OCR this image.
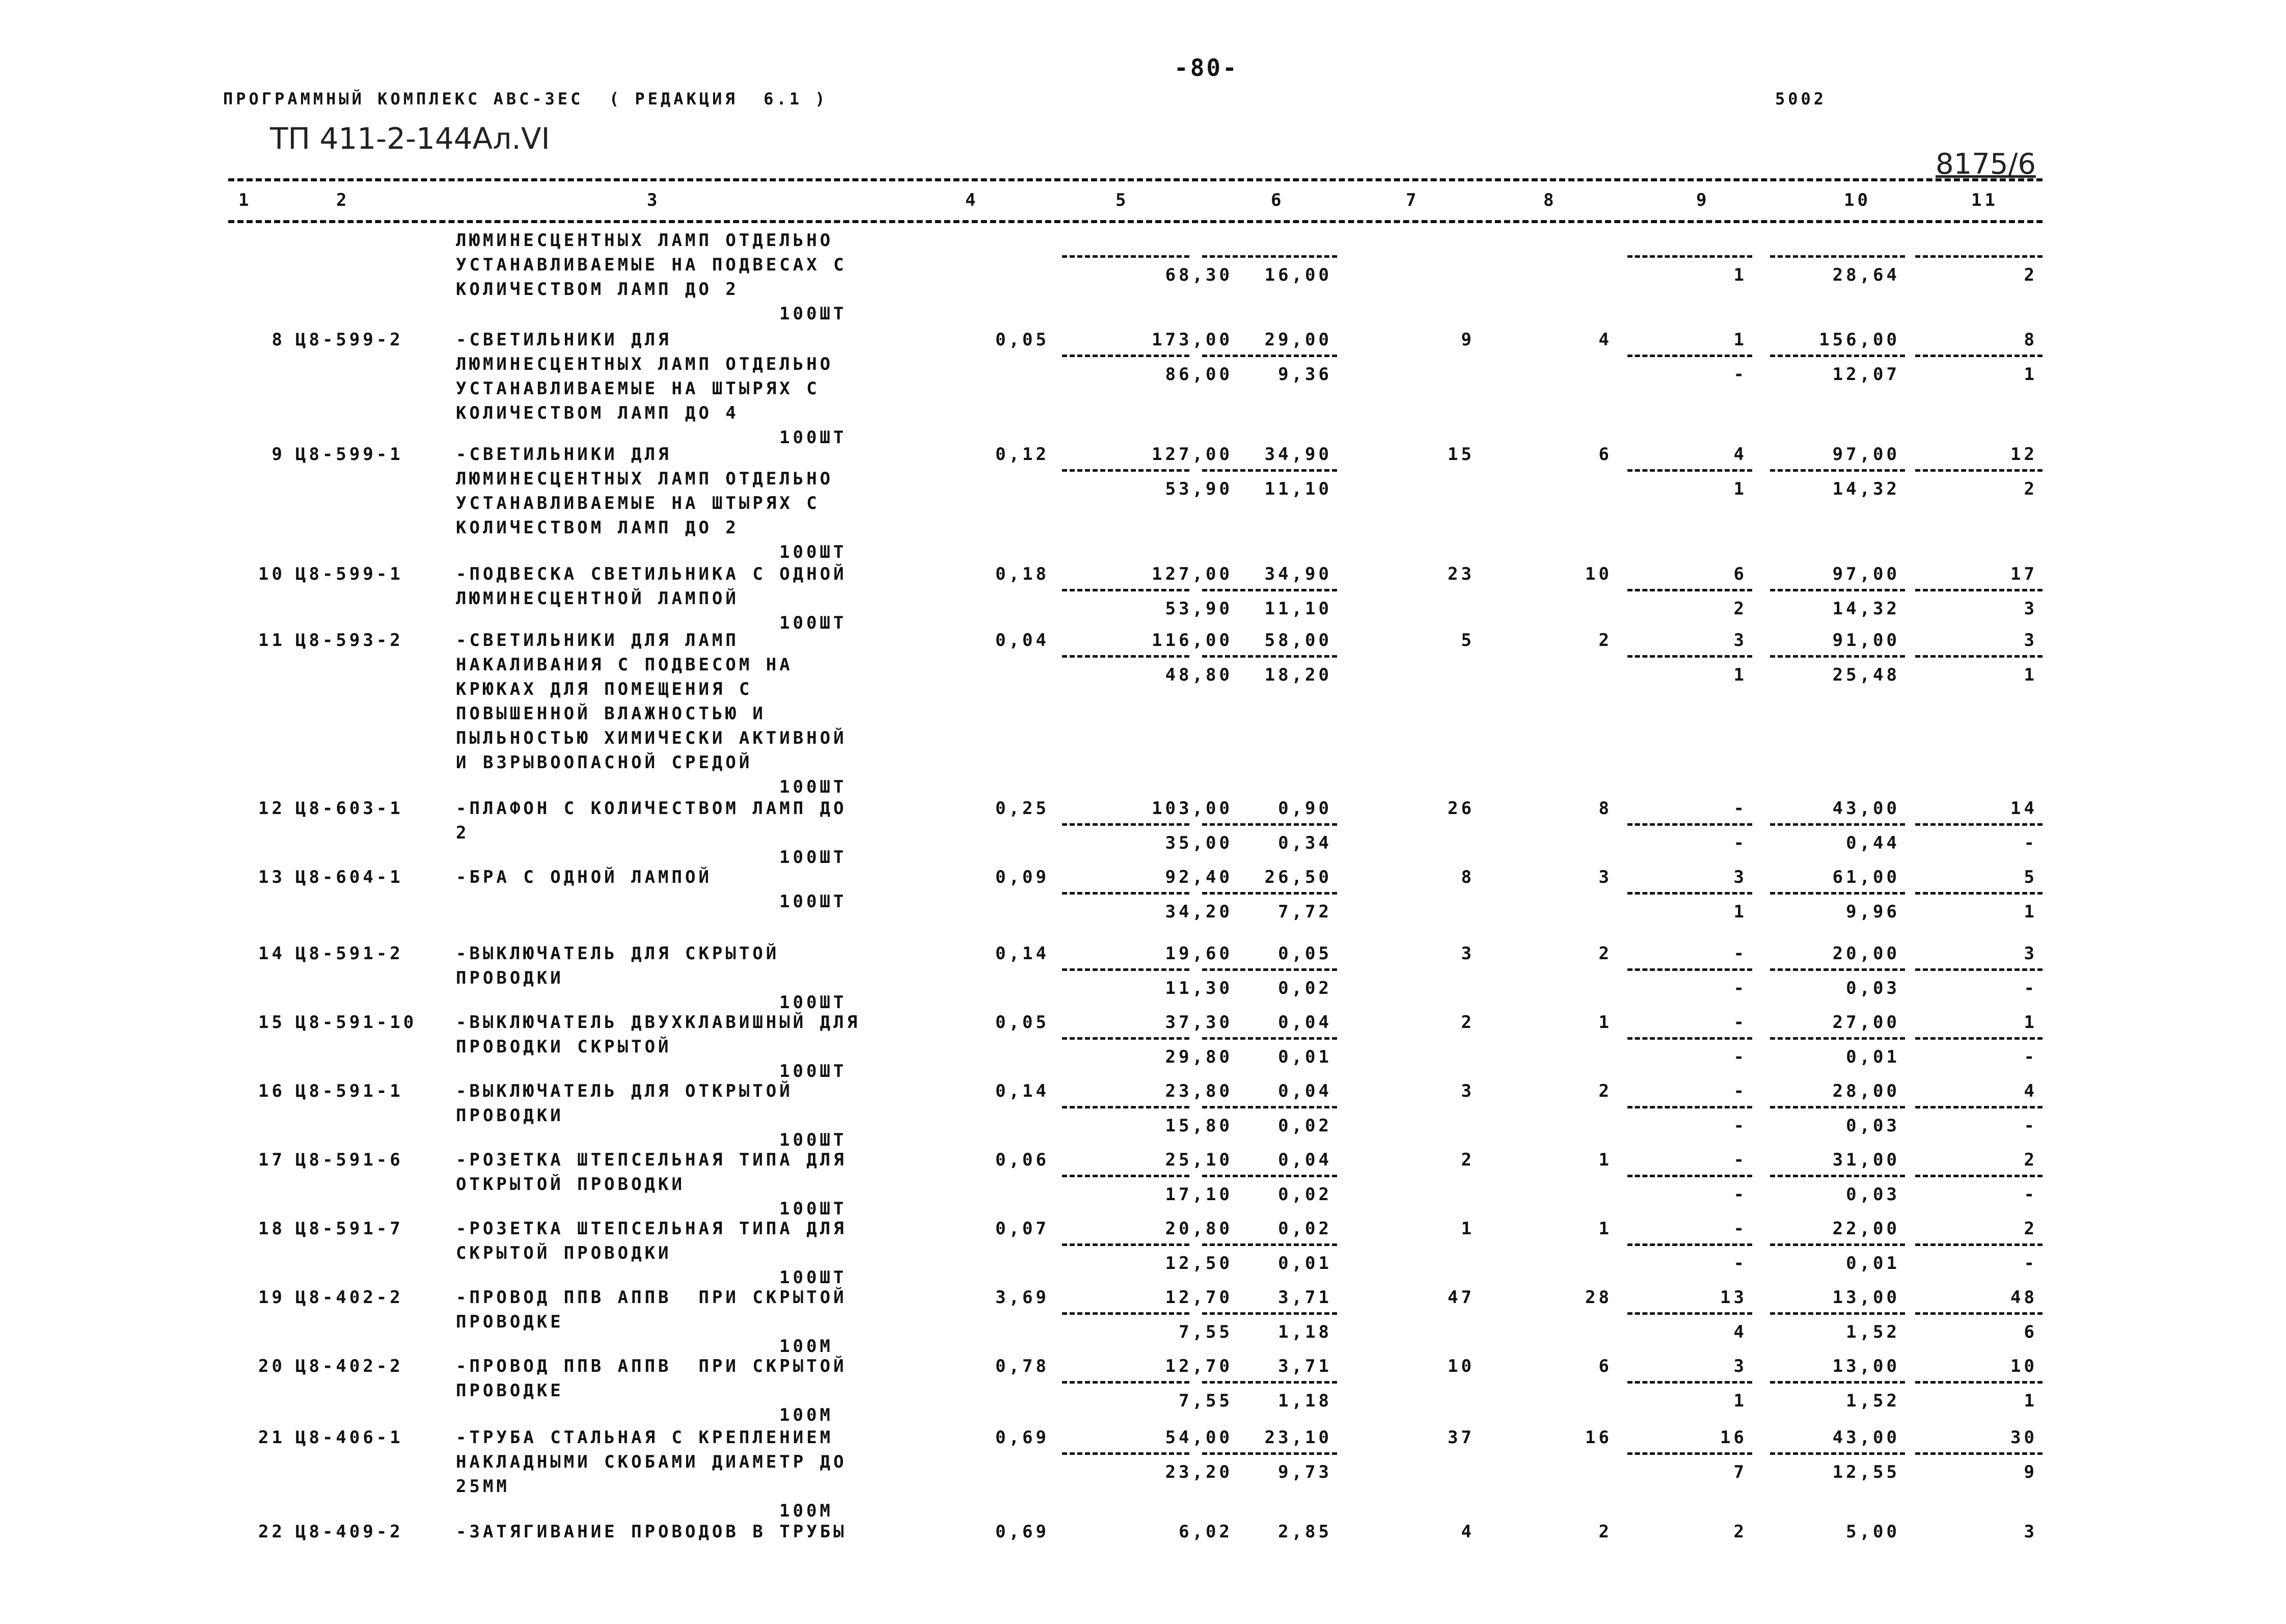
-80-
ПРОГРАММНЫЙ КОМПЛЕКС АВС-3ЕС  ( РЕДАКЦИЯ  6.1 )	5002
ТП 411-2-144Ал.VI
8175/6
1	2	3	4	5	6	7	8	9	10	11
ЛЮМИНЕСЦЕНТНЫХ ЛАМП ОТДЕЛЬНО
УСТАНАВЛИВАЕМЫЕ НА ПОДВЕСАХ С
КОЛИЧЕСТВОМ ЛАМП ДО 2
100ШТ
68,30	16,00	1	28,64	2
8 Ц8-599-2	-СВЕТИЛЬНИКИ ДЛЯ
ЛЮМИНЕСЦЕНТНЫХ ЛАМП ОТДЕЛЬНО
УСТАНАВЛИВАЕМЫЕ НА ШТЫРЯХ С
КОЛИЧЕСТВОМ ЛАМП ДО 4
100ШТ
0,05	173,00	29,00	9	4	1	156,00	8
86,00	9,36	-	12,07	1
9 Ц8-599-1	-СВЕТИЛЬНИКИ ДЛЯ
ЛЮМИНЕСЦЕНТНЫХ ЛАМП ОТДЕЛЬНО
УСТАНАВЛИВАЕМЫЕ НА ШТЫРЯХ С
КОЛИЧЕСТВОМ ЛАМП ДО 2
100ШТ
0,12	127,00	34,90	15	6	4	97,00	12
53,90	11,10	1	14,32	2
10 Ц8-599-1	-ПОДВЕСКА СВЕТИЛЬНИКА С ОДНОЙ
ЛЮМИНЕСЦЕНТНОЙ ЛАМПОЙ
100ШТ
0,18	127,00	34,90	23	10	6	97,00	17
53,90	11,10	2	14,32	3
11 Ц8-593-2	-СВЕТИЛЬНИКИ ДЛЯ ЛАМП
НАКАЛИВАНИЯ С ПОДВЕСОМ НА
КРЮКАХ ДЛЯ ПОМЕЩЕНИЯ С
ПОВЫШЕННОЙ ВЛАЖНОСТЬЮ И
ПЫЛЬНОСТЬЮ ХИМИЧЕСКИ АКТИВНОЙ
И ВЗРЫВООПАСНОЙ СРЕДОЙ
100ШТ
0,04	116,00	58,00	5	2	3	91,00	3
48,80	18,20	1	25,48	1
12 Ц8-603-1	-ПЛАФОН С КОЛИЧЕСТВОМ ЛАМП ДО
2
100ШТ
0,25	103,00	0,90	26	8	-	43,00	14
35,00	0,34	-	0,44	-
13 Ц8-604-1	-БРА С ОДНОЙ ЛАМПОЙ
100ШТ
0,09	92,40	26,50	8	3	3	61,00	5
34,20	7,72	1	9,96	1
14 Ц8-591-2	-ВЫКЛЮЧАТЕЛЬ ДЛЯ СКРЫТОЙ
ПРОВОДКИ
100ШТ
0,14	19,60	0,05	3	2	-	20,00	3
11,30	0,02	-	0,03	-
15 Ц8-591-10 -ВЫКЛЮЧАТЕЛЬ ДВУХКЛАВИШНЫЙ ДЛЯ
ПРОВОДКИ СКРЫТОЙ
100ШТ
0,05	37,30	0,04	2	1	-	27,00	1
29,80	0,01	-	0,01	-
16 Ц8-591-1	-ВЫКЛЮЧАТЕЛЬ ДЛЯ ОТКРЫТОЙ
ПРОВОДКИ
100ШТ
0,14	23,80	0,04	3	2	-	28,00	4
15,80	0,02	-	0,03	-
17 Ц8-591-6	-РОЗЕТКА ШТЕПСЕЛЬНАЯ ТИПА ДЛЯ
ОТКРЫТОЙ ПРОВОДКИ
100ШТ
0,06	25,10	0,04	2	1	-	31,00	2
17,10	0,02	-	0,03	-
18 Ц8-591-7	-РОЗЕТКА ШТЕПСЕЛЬНАЯ ТИПА ДЛЯ
СКРЫТОЙ ПРОВОДКИ
100ШТ
0,07	20,80	0,02	1	1	-	22,00	2
12,50	0,01	-	0,01	-
19 Ц8-402-2	-ПРОВОД ППВ АППВ  ПРИ СКРЫТОЙ
ПРОВОДКЕ
100М
3,69	12,70	3,71	47	28	13	13,00	48
7,55	1,18	4	1,52	6
20 Ц8-402-2	-ПРОВОД ППВ АППВ  ПРИ СКРЫТОЙ
ПРОВОДКЕ
100М
0,78	12,70	3,71	10	6	3	13,00	10
7,55	1,18	1	1,52	1
21 Ц8-406-1	-ТРУБА СТАЛЬНАЯ С КРЕПЛЕНИЕМ
НАКЛАДНЫМИ СКОБАМИ ДИАМЕТР ДО
25ММ
100М
0,69	54,00	23,10	37	16	16	43,00	30
23,20	9,73	7	12,55	9
22 Ц8-409-2	-ЗАТЯГИВАНИЕ ПРОВОДОВ В ТРУБЫ	0,69	6,02	2,85	4	2	2	5,00	3
